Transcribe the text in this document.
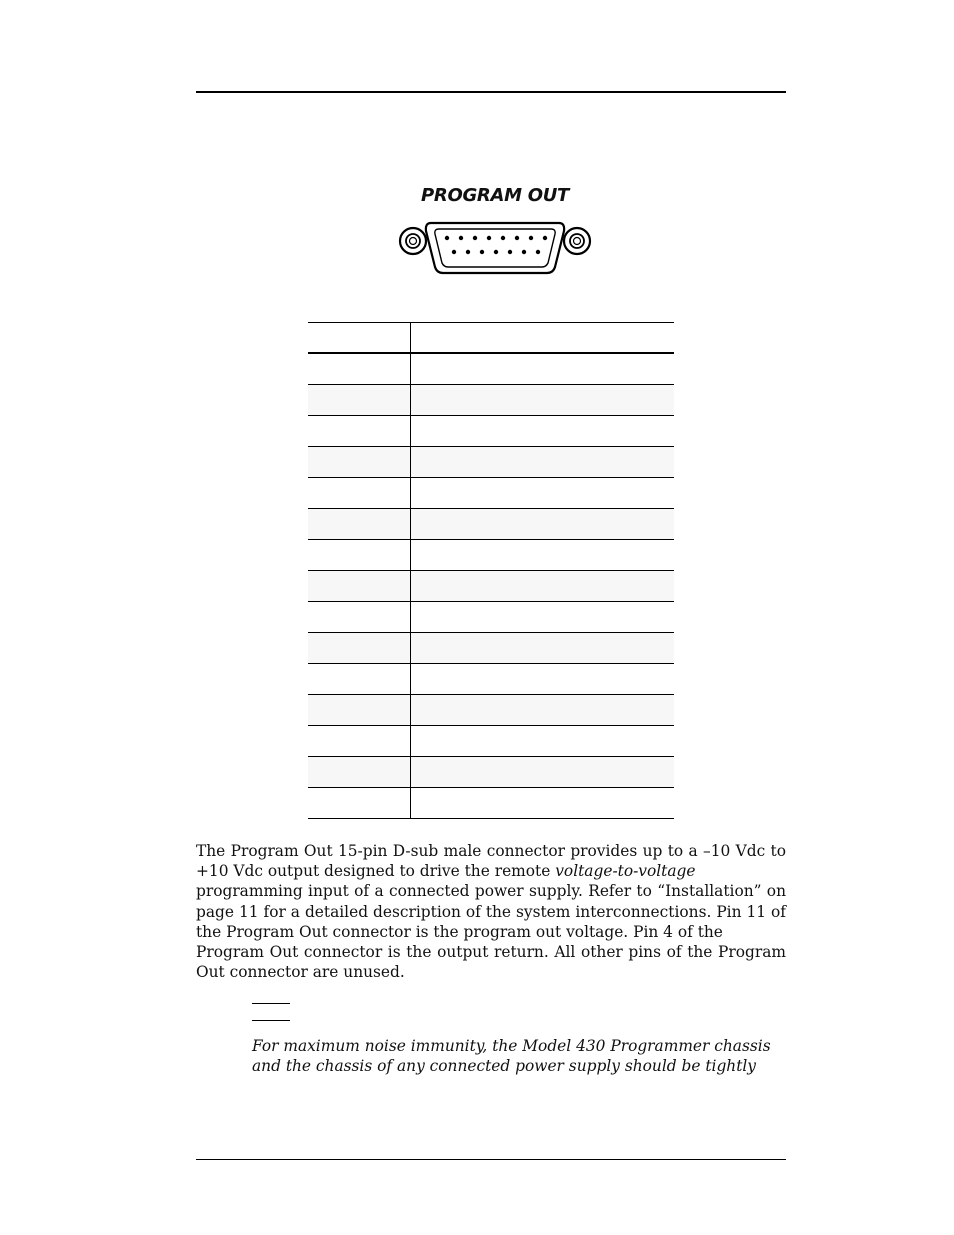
PROGRAM OUT

The Program Out 15-pin D-sub male connector provides up to a –10 Vdc to
+10 Vdc output designed to drive the remote voltage-to-voltage
programming input of a connected power supply. Refer to “Installation” on
page 11 for a detailed description of the system interconnections. Pin 11 of
the Program Out connector is the program out voltage. Pin 4 of the
Program Out connector is the output return. All other pins of the Program
Out connector are unused.
For maximum noise immunity, the Model 430 Programmer chassis
and the chassis of any connected power supply should be tightly
